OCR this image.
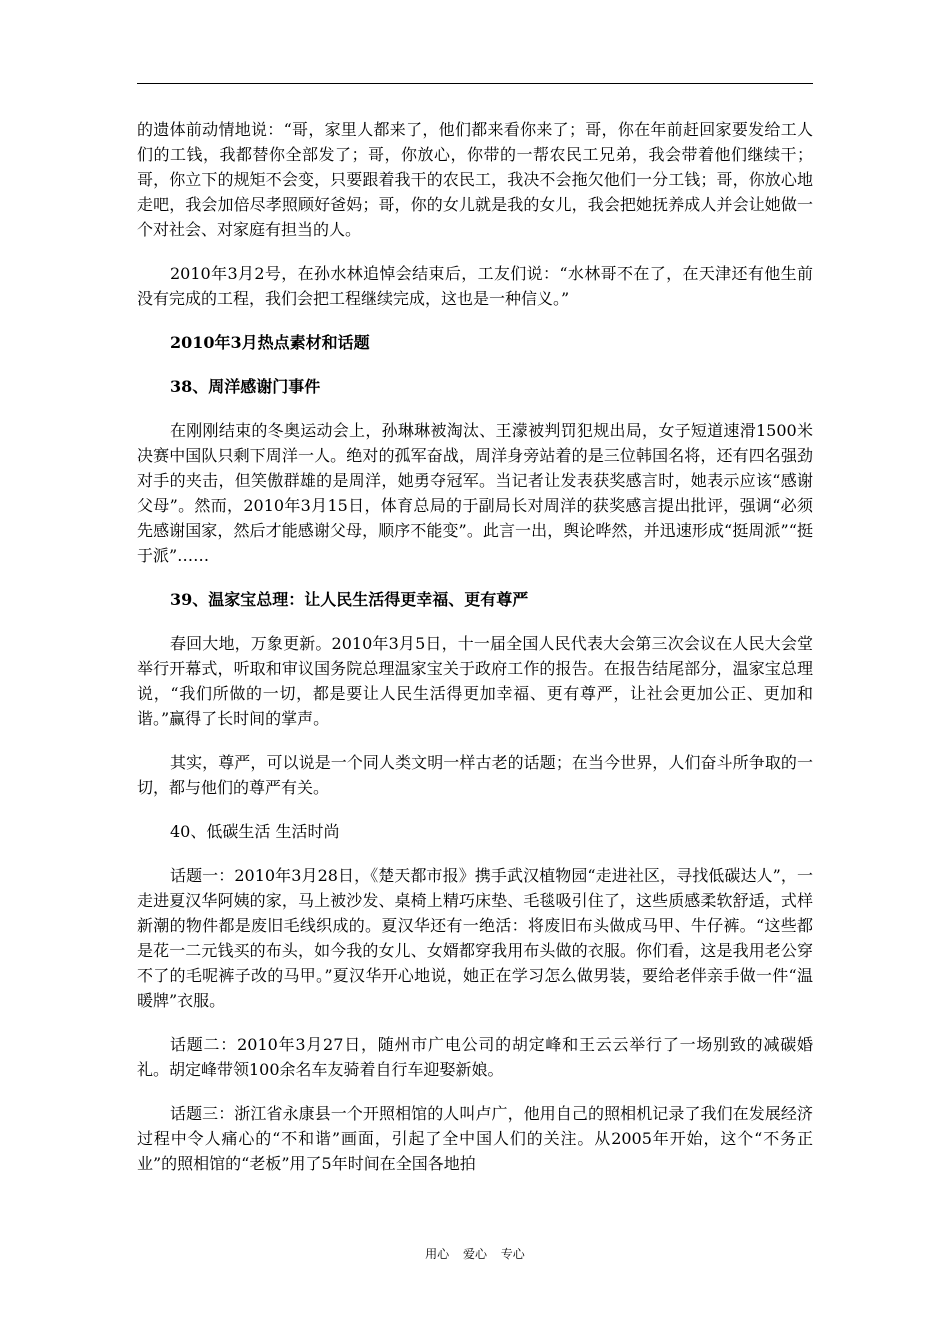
的遗体前动情地说：“哥，家里人都来了，他们都来看你来了；哥，你在年前赶回家要发给工人们的工钱，我都替你全部发了；哥，你放心，你带的一帮农民工兄弟，我会带着他们继续干；哥，你立下的规矩不会变，只要跟着我干的农民工，我决不会拖欠他们一分工钱；哥，你放心地走吧，我会加倍尽孝照顾好爸妈；哥，你的女儿就是我的女儿，我会把她抚养成人并会让她做一个对社会、对家庭有担当的人。

2010年3月2号，在孙水林追悼会结束后，工友们说：“水林哥不在了，在天津还有他生前没有完成的工程，我们会把工程继续完成，这也是一种信义。”

2010年3月热点素材和话题

38、周洋感谢门事件

在刚刚结束的冬奥运动会上，孙琳琳被淘汰、王濛被判罚犯规出局，女子短道速滑1500米决赛中国队只剩下周洋一人。绝对的孤军奋战，周洋身旁站着的是三位韩国名将，还有四名强劲对手的夹击，但笑傲群雄的是周洋，她勇夺冠军。当记者让发表获奖感言时，她表示应该“感谢父母”。然而，2010年3月15日，体育总局的于副局长对周洋的获奖感言提出批评，强调“必须先感谢国家，然后才能感谢父母，顺序不能变”。此言一出，舆论哗然，并迅速形成“挺周派”“挺于派”……

39、温家宝总理：让人民生活得更幸福、更有尊严

春回大地，万象更新。2010年3月5日，十一届全国人民代表大会第三次会议在人民大会堂举行开幕式，听取和审议国务院总理温家宝关于政府工作的报告。在报告结尾部分，温家宝总理说，“我们所做的一切，都是要让人民生活得更加幸福、更有尊严，让社会更加公正、更加和谐。”赢得了长时间的掌声。

其实，尊严，可以说是一个同人类文明一样古老的话题；在当今世界，人们奋斗所争取的一切，都与他们的尊严有关。

40、低碳生活 生活时尚

话题一：2010年3月28日，《楚天都市报》携手武汉植物园“走进社区，寻找低碳达人”，一走进夏汉华阿姨的家，马上被沙发、桌椅上精巧床垫、毛毯吸引住了，这些质感柔软舒适，式样新潮的物件都是废旧毛线织成的。夏汉华还有一绝活：将废旧布头做成马甲、牛仔裤。“这些都是花一二元钱买的布头，如今我的女儿、女婿都穿我用布头做的衣服。你们看，这是我用老公穿不了的毛呢裤子改的马甲。”夏汉华开心地说，她正在学习怎么做男装，要给老伴亲手做一件“温暖牌”衣服。

话题二：2010年3月27日，随州市广电公司的胡定峰和王云云举行了一场别致的减碳婚礼。胡定峰带领100余名车友骑着自行车迎娶新娘。

话题三：浙江省永康县一个开照相馆的人叫卢广，他用自己的照相机记录了我们在发展经济过程中令人痛心的“不和谐”画面，引起了全中国人们的关注。从2005年开始，这个“不务正业”的照相馆的“老板”用了5年时间在全国各地拍

用心 爱心 专心
